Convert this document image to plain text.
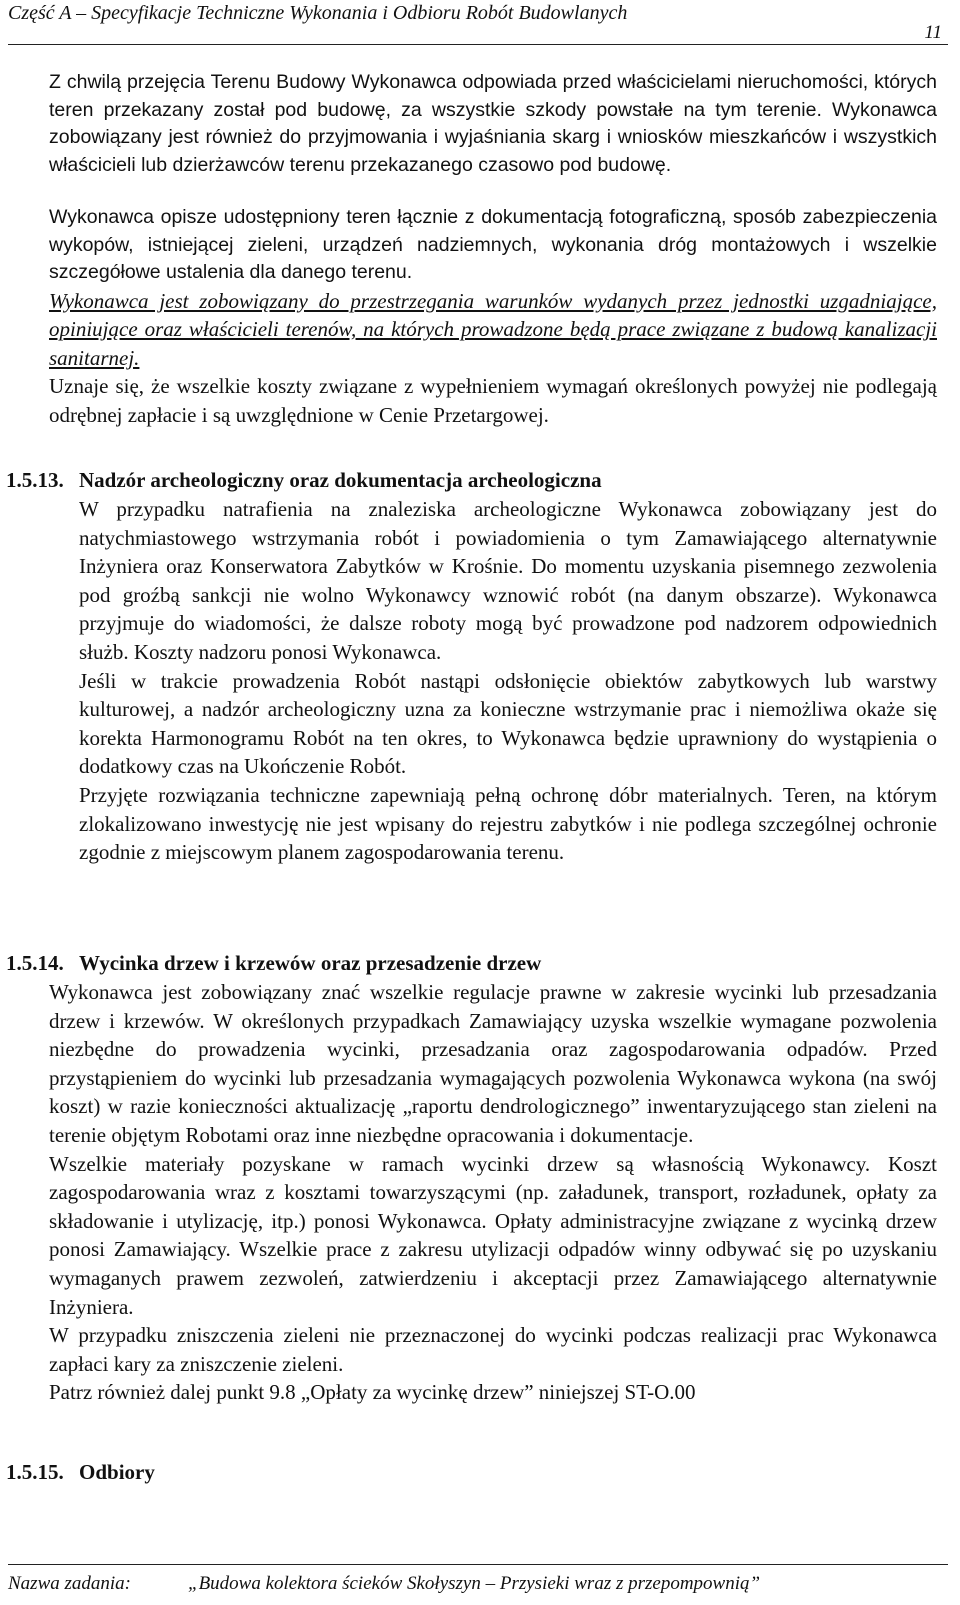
Część A – Specyfikacje Techniczne Wykonania i Odbioru Robót Budowlanych
11
Z chwilą przejęcia Terenu Budowy Wykonawca odpowiada przed właścicielami nieruchomości, których teren przekazany został pod budowę, za wszystkie szkody powstałe na tym terenie. Wykonawca zobowiązany jest również do przyjmowania i wyjaśniania skarg i wniosków mieszkańców i wszystkich właścicieli lub dzierżawców terenu przekazanego czasowo pod budowę.
Wykonawca opisze udostępniony teren łącznie z dokumentacją fotograficzną, sposób zabezpieczenia wykopów, istniejącej zieleni, urządzeń nadziemnych, wykonania dróg montażowych i wszelkie szczegółowe ustalenia dla danego terenu.
Wykonawca jest zobowiązany do przestrzegania warunków wydanych przez jednostki uzgadniające, opiniujące oraz właścicieli terenów, na których prowadzone będą prace związane z budową kanalizacji sanitarnej.
Uznaje się, że wszelkie koszty związane z wypełnieniem wymagań określonych powyżej nie podlegają odrębnej zapłacie i są uwzględnione w Cenie Przetargowej.
1.5.13. Nadzór archeologiczny oraz dokumentacja archeologiczna
W przypadku natrafienia na znaleziska archeologiczne Wykonawca zobowiązany jest do natychmiastowego wstrzymania robót i powiadomienia o tym Zamawiającego alternatywnie Inżyniera oraz Konserwatora Zabytków w Krośnie. Do momentu uzyskania pisemnego zezwolenia pod groźbą sankcji nie wolno Wykonawcy wznowić robót (na danym obszarze). Wykonawca przyjmuje do wiadomości, że dalsze roboty mogą być prowadzone pod nadzorem odpowiednich służb. Koszty nadzoru ponosi Wykonawca.
Jeśli w trakcie prowadzenia Robót nastąpi odsłonięcie obiektów zabytkowych lub warstwy kulturowej, a nadzór archeologiczny uzna za konieczne wstrzymanie prac i niemożliwa okaże się korekta Harmonogramu Robót na ten okres, to Wykonawca będzie uprawniony do wystąpienia o dodatkowy czas na Ukończenie Robót.
Przyjęte rozwiązania techniczne zapewniają pełną ochronę dóbr materialnych. Teren, na którym zlokalizowano inwestycję nie jest wpisany do rejestru zabytków i nie podlega szczególnej ochronie zgodnie z miejscowym planem zagospodarowania terenu.
1.5.14. Wycinka drzew i krzewów oraz przesadzenie drzew
Wykonawca jest zobowiązany znać wszelkie regulacje prawne w zakresie wycinki lub przesadzania drzew i krzewów. W określonych przypadkach Zamawiający uzyska wszelkie wymagane pozwolenia niezbędne do prowadzenia wycinki, przesadzania oraz zagospodarowania odpadów. Przed przystąpieniem do wycinki lub przesadzania wymagających pozwolenia Wykonawca wykona (na swój koszt) w razie konieczności aktualizację „raportu dendrologicznego” inwentaryzującego stan zieleni na terenie objętym Robotami oraz inne niezbędne opracowania i dokumentacje.
Wszelkie materiały pozyskane w ramach wycinki drzew są własnością Wykonawcy. Koszt zagospodarowania wraz z kosztami towarzyszącymi (np. załadunek, transport, rozładunek, opłaty za składowanie i utylizację, itp.) ponosi Wykonawca. Opłaty administracyjne związane z wycinką drzew ponosi Zamawiający. Wszelkie prace z zakresu utylizacji odpadów winny odbywać się po uzyskaniu wymaganych prawem zezwoleń, zatwierdzeniu i akceptacji przez Zamawiającego alternatywnie Inżyniera.
W przypadku zniszczenia zieleni nie przeznaczonej do wycinki podczas realizacji prac Wykonawca zapłaci kary za zniszczenie zieleni.
Patrz również dalej punkt 9.8 „Opłaty za wycinkę drzew” niniejszej ST-O.00
1.5.15. Odbiory
Nazwa zadania:	„Budowa kolektora ścieków Skołyszyn – Przysieki wraz z przepompownią”
